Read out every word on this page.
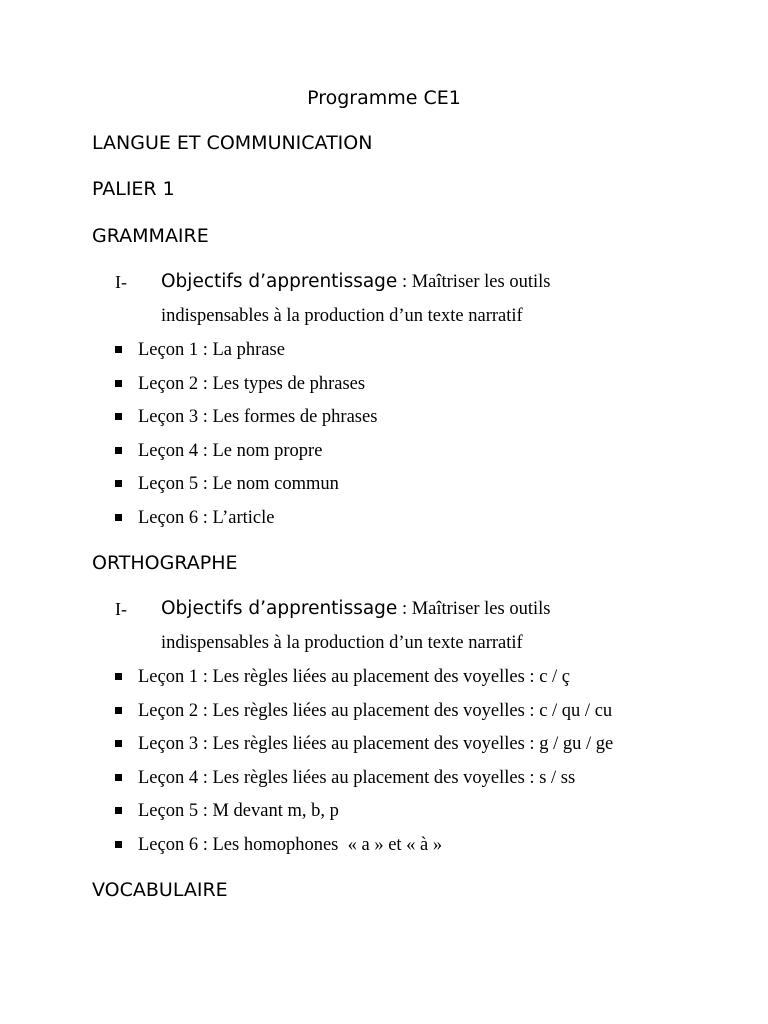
Programme CE1
LANGUE ET COMMUNICATION
PALIER 1
GRAMMAIRE
I- Objectifs d’apprentissage : Maîtriser les outils
indispensables à la production d’un texte narratif
Leçon 1 : La phrase
Leçon 2 : Les types de phrases
Leçon 3 : Les formes de phrases
Leçon 4 : Le nom propre
Leçon 5 : Le nom commun
Leçon 6 : L’article
ORTHOGRAPHE
I- Objectifs d’apprentissage : Maîtriser les outils
indispensables à la production d’un texte narratif
Leçon 1 : Les règles liées au placement des voyelles : c / ç
Leçon 2 : Les règles liées au placement des voyelles : c / qu / cu
Leçon 3 : Les règles liées au placement des voyelles : g / gu / ge
Leçon 4 : Les règles liées au placement des voyelles : s / ss
Leçon 5 : M devant m, b, p
Leçon 6 : Les homophones  « a » et « à »
VOCABULAIRE
